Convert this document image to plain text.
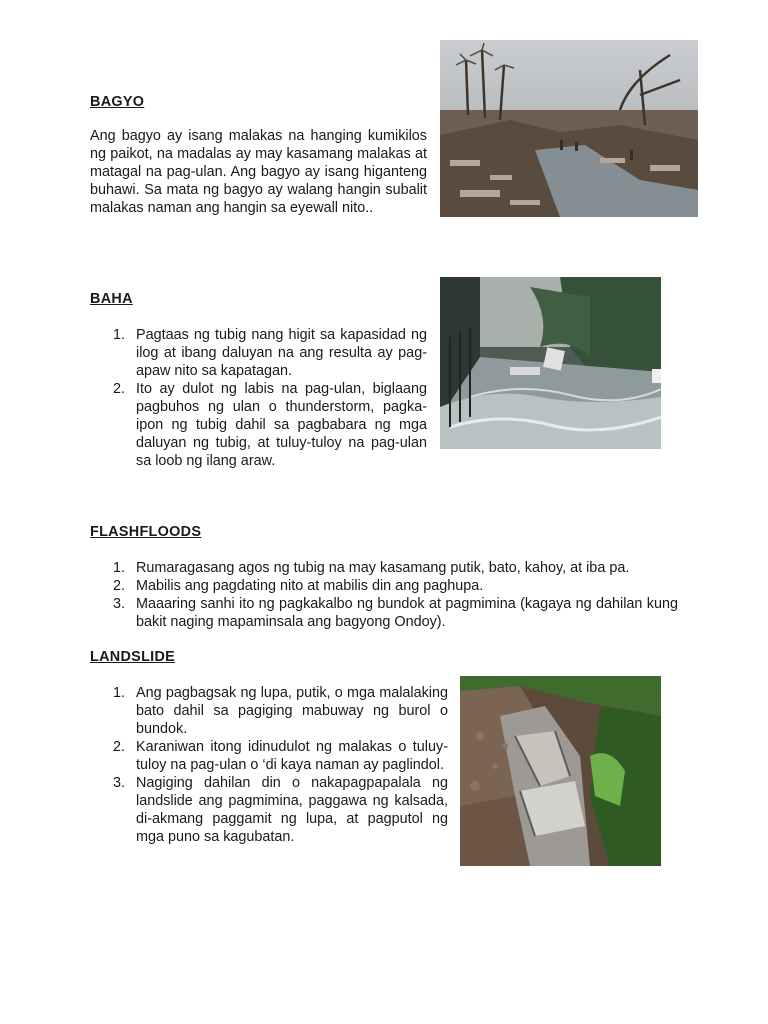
BAGYO

Ang bagyo ay isang malakas na hanging kumikilos ng paikot, na madalas ay may kasamang malakas at matagal na pag-ulan. Ang bagyo ay isang higanteng buhawi. Sa mata ng bagyo ay walang hangin subalit malakas naman ang hangin sa eyewall nito..

BAHA
1. Pagtaas ng tubig nang higit sa kapasidad ng ilog at ibang daluyan na ang resulta ay pag-apaw nito sa kapatagan.
2. Ito ay dulot ng labis na pag-ulan, biglaang pagbuhos ng ulan o thunderstorm, pagka-ipon ng tubig dahil sa pagbabara ng mga daluyan ng tubig, at tuluy-tuloy na pag-ulan sa loob ng ilang araw.
FLASHFLOODS
1. Rumaragasang agos ng tubig na may kasamang putik, bato, kahoy, at iba pa.
2. Mabilis ang pagdating nito at mabilis din ang paghupa.
3. Maaaring sanhi ito ng pagkakalbo ng bundok at pagmimina (kagaya ng dahilan kung bakit naging mapaminsala ang bagyong Ondoy).
LANDSLIDE
1. Ang pagbagsak ng lupa, putik, o mga malalaking bato dahil sa pagiging mabuway ng burol o bundok.
2. Karaniwan itong idinudulot ng malakas o tuluy-tuloy na pag-ulan o ‘di kaya naman ay paglindol.
3. Nagiging dahilan din o nakapagpapalala ng landslide ang pagmimina, paggawa ng kalsada, di-akmang paggamit ng lupa, at pagputol ng mga puno sa kagubatan.
